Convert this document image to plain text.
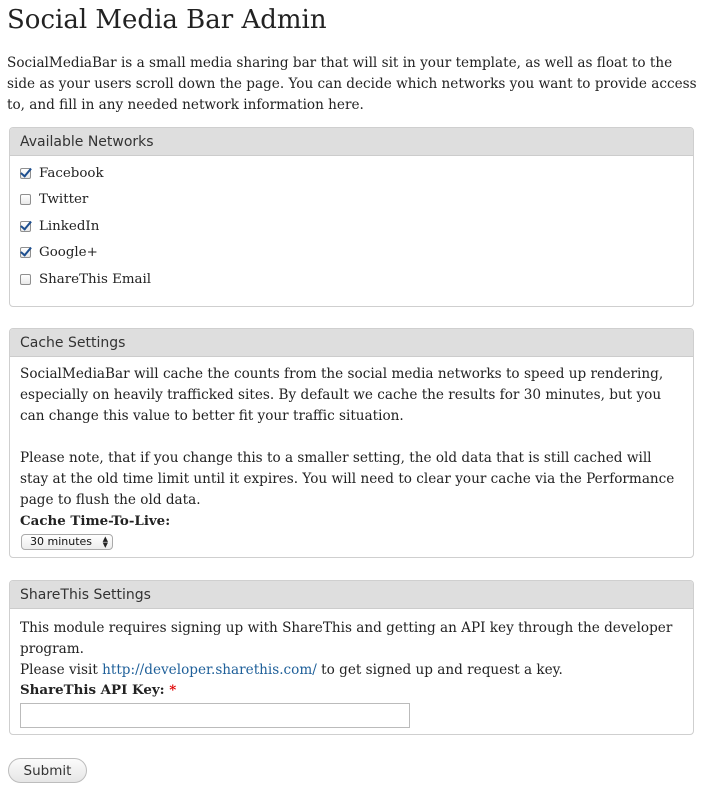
Social Media Bar Admin

SocialMediaBar is a small media sharing bar that will sit in your template, as well as float to the side as your users scroll down the page. You can decide which networks you want to provide access to, and fill in any needed network information here.

Available Networks
Facebook
Twitter
LinkedIn
Google+
ShareThis Email
Cache Settings

SocialMediaBar will cache the counts from the social media networks to speed up rendering, especially on heavily trafficked sites. By default we cache the results for 30 minutes, but you can change this value to better fit your traffic situation.

Please note, that if you change this to a smaller setting, the old data that is still cached will stay at the old time limit until it expires. You will need to clear your cache via the Performance page to flush the old data.

Cache Time-To-Live:
30 minutes ▲
▼
ShareThis Settings

This module requires signing up with ShareThis and getting an API key through the developer program.

Please visit http://developer.sharethis.com/ to get signed up and request a key.

ShareThis API Key: *
Submit
